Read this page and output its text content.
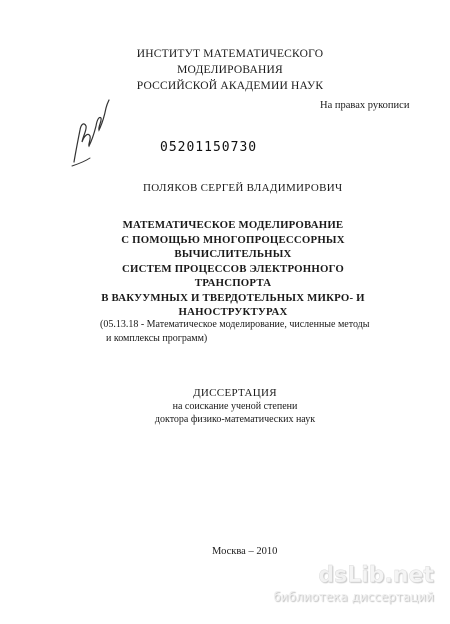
ИНСТИТУТ МАТЕМАТИЧЕСКОГО МОДЕЛИРОВАНИЯ
РОССИЙСКОЙ АКАДЕМИИ НАУК
На правах рукописи
05201150730
ПОЛЯКОВ СЕРГЕЙ ВЛАДИМИРОВИЧ
МАТЕМАТИЧЕСКОЕ МОДЕЛИРОВАНИЕ
С ПОМОЩЬЮ МНОГОПРОЦЕССОРНЫХ ВЫЧИСЛИТЕЛЬНЫХ
СИСТЕМ ПРОЦЕССОВ ЭЛЕКТРОННОГО ТРАНСПОРТА
В ВАКУУМНЫХ И ТВЕРДОТЕЛЬНЫХ МИКРО- И
НАНОСТРУКТУРАХ
(05.13.18 - Математическое моделирование, численные методы
и комплексы программ)
ДИССЕРТАЦИЯ
на соискание ученой степени
доктора физико-математических наук
Москва – 2010
dsLib.net
библиотека диссертаций
